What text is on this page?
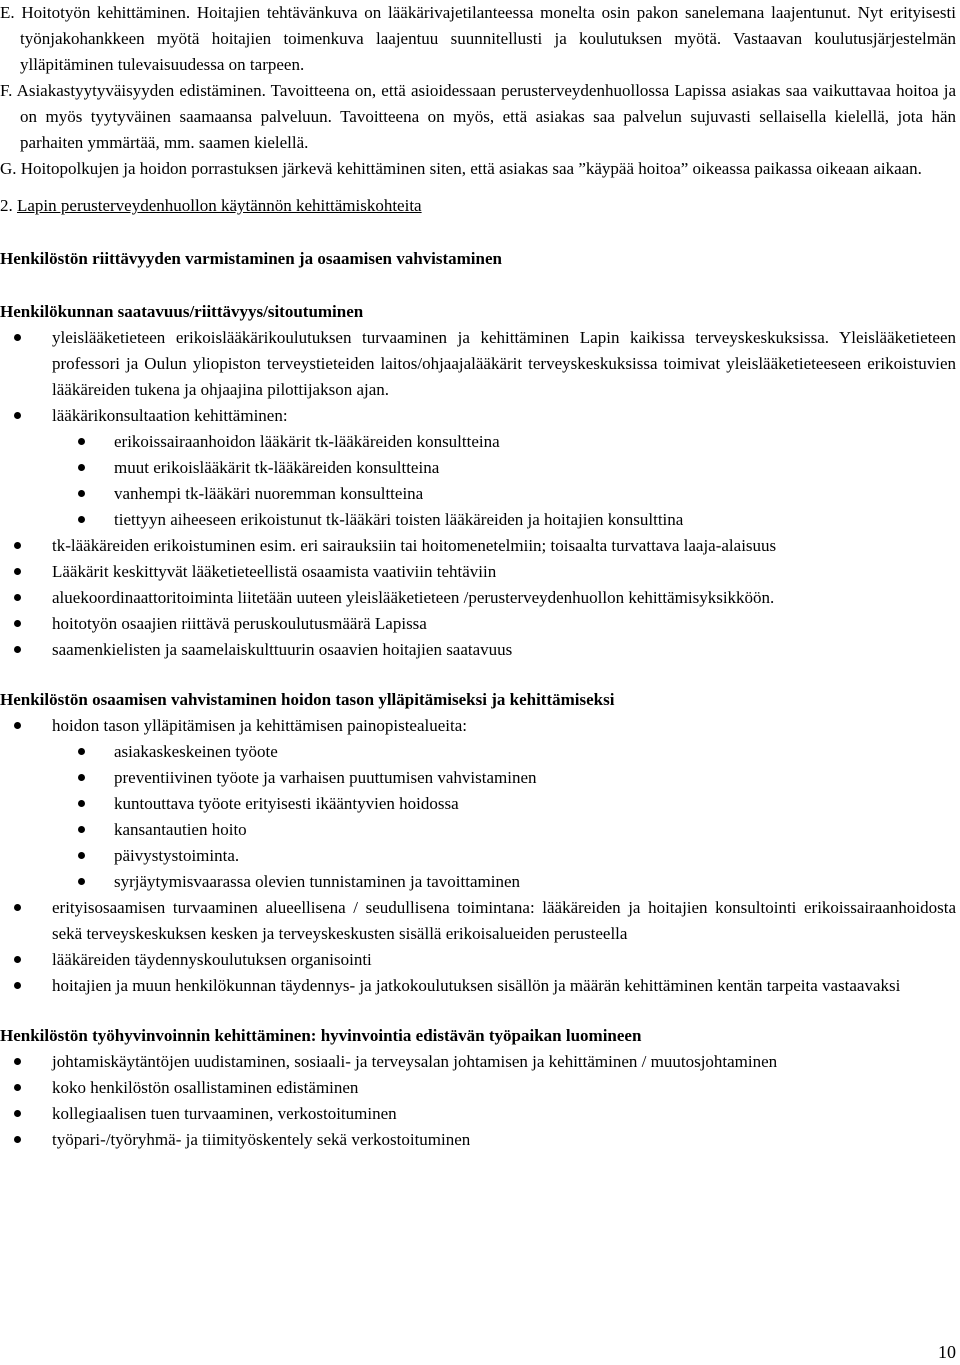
E. Hoitotyön kehittäminen. Hoitajien tehtävänkuva on lääkärivajetilanteessa monelta osin pakon sanelemana laajentunut. Nyt erityisesti työnjakohankkeen myötä hoitajien toimenkuva laajentuu suunnitellusti ja koulutuksen myötä. Vastaavan koulutusjärjestelmän ylläpitäminen tulevaisuudessa on tarpeen.

F. Asiakastyytyväisyyden edistäminen. Tavoitteena on, että asioidessaan perusterveydenhuollossa Lapissa asiakas saa vaikuttavaa hoitoa ja on myös tyytyväinen saamaansa palveluun. Tavoitteena on myös, että asiakas saa palvelun sujuvasti sellaisella kielellä, jota hän parhaiten ymmärtää, mm. saamen kielellä.

G. Hoitopolkujen ja hoidon porrastuksen järkevä kehittäminen siten, että asiakas saa ”käypää hoitoa” oikeassa paikassa oikeaan aikaan.

2. Lapin perusterveydenhuollon käytännön kehittämiskohteita
Henkilöstön riittävyyden varmistaminen ja osaamisen vahvistaminen
Henkilökunnan saatavuus/riittävyys/sitoutuminen
yleislääketieteen erikoislääkärikoulutuksen turvaaminen ja kehittäminen Lapin kaikissa terveyskeskuksissa. Yleislääketieteen professori ja Oulun yliopiston terveystieteiden laitos/ohjaajalääkärit terveyskeskuksissa toimivat yleislääketieteeseen erikoistuvien lääkäreiden tukena ja ohjaajina pilottijakson ajan.
lääkärikonsultaation kehittäminen:
erikoissairaanhoidon lääkärit tk-lääkäreiden konsultteina
muut erikoislääkärit tk-lääkäreiden konsultteina
vanhempi tk-lääkäri nuoremman konsultteina
tiettyyn aiheeseen erikoistunut tk-lääkäri toisten lääkäreiden ja hoitajien konsulttina
tk-lääkäreiden erikoistuminen esim. eri sairauksiin tai hoitomenetelmiin; toisaalta turvattava laaja-alaisuus
Lääkärit keskittyvät lääketieteellistä osaamista vaativiin tehtäviin
aluekoordinaattoritoiminta liitetään uuteen yleislääketieteen /perusterveydenhuollon kehittämisyksikköön.
hoitotyön osaajien riittävä peruskoulutusmäärä Lapissa
saamenkielisten ja saamelaiskulttuurin osaavien hoitajien saatavuus
Henkilöstön osaamisen vahvistaminen hoidon tason ylläpitämiseksi ja kehittämiseksi
hoidon tason ylläpitämisen ja kehittämisen painopistealueita:
asiakaskeskeinen työote
preventiivinen työote ja varhaisen puuttumisen vahvistaminen
kuntouttava työote erityisesti ikääntyvien hoidossa
kansantautien hoito
päivystystoiminta.
syrjäytymisvaarassa olevien tunnistaminen ja tavoittaminen
erityisosaamisen turvaaminen alueellisena / seudullisena toimintana: lääkäreiden ja hoitajien konsultointi erikoissairaanhoidosta sekä terveyskeskuksen kesken ja terveyskeskusten sisällä erikoisalueiden perusteella
lääkäreiden täydennyskoulutuksen organisointi
hoitajien ja muun henkilökunnan täydennys- ja jatkokoulutuksen sisällön ja määrän kehittäminen kentän tarpeita vastaavaksi
Henkilöstön työhyvinvoinnin kehittäminen: hyvinvointia edistävän työpaikan luomineen
johtamiskäytäntöjen uudistaminen, sosiaali- ja terveysalan johtamisen ja kehittäminen / muutosjohtaminen
koko henkilöstön osallistaminen edistäminen
kollegiaalisen tuen turvaaminen, verkostoituminen
työpari-/työryhmä- ja tiimityöskentely sekä verkostoituminen
10
